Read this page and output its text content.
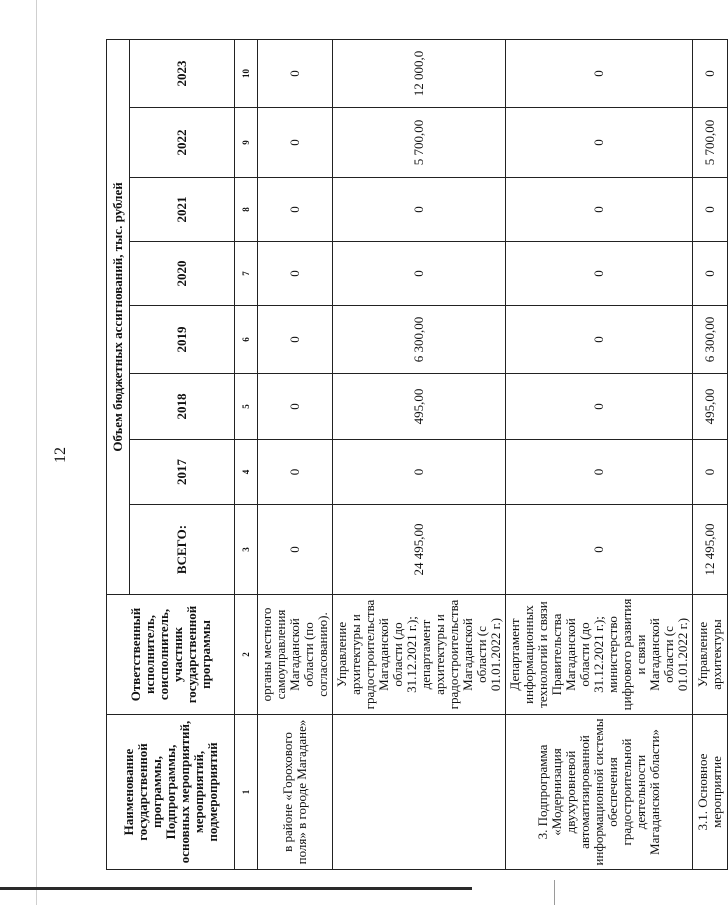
12
Наименование государственной программы, Подпрограммы, основных мероприятий, мероприятий, подмероприятий	Ответственный исполнитель, соисполнитель, участник государственной программы	Объем бюджетных ассигнований, тыс. рублей							
		ВСЕГО:	2017	2018	2019	2020	2021	2022	2023
1	2	3	4	5	6	7	8	9	10
в районе «Горохового поля» в городе Магадане»	органы местного самоуправления Магаданской области (по согласованию).	0	0	0	0	0	0	0	0
	Управление архитектуры и градостроительства Магаданской области (до 31.12.2021 г.); департамент архитектуры и градостроительства Магаданской области (с 01.01.2022 г.)	24 495,00	0	495,00	6 300,00	0	0	5 700,00	12 000,0
3. Подпрограмма «Модернизация двухуровневой автоматизированной информационной системы обеспечения градостроительной деятельности Магаданской области»	Департамент информационных технологий и связи Правительства Магаданской области (до 31.12.2021 г.); министерство цифрового развития и связи Магаданской области (с 01.01.2022 г.)	0	0	0	0	0	0	0	0
3.1. Основное мероприятие	Управление архитектуры	12 495,00	0	495,00	6 300,00	0	0	5 700,00	0
